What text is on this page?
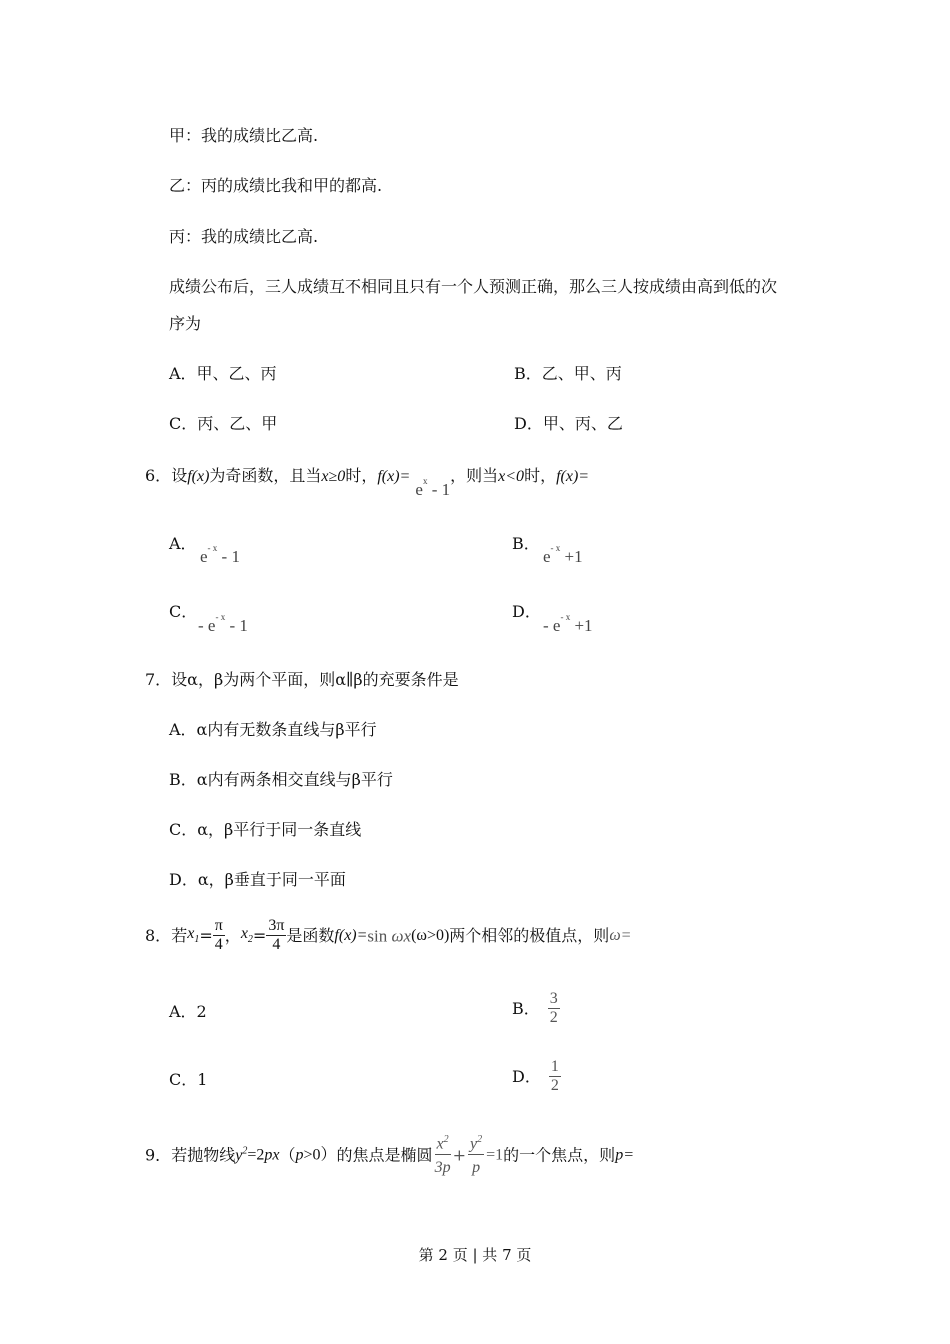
甲：我的成绩比乙高.
乙：丙的成绩比我和甲的都高.
丙：我的成绩比乙高.
成绩公布后，三人成绩互不相同且只有一个人预测正确，那么三人按成绩由高到低的次
序为
A．甲、乙、丙	B．乙、甲、丙
C．丙、乙、甲	D．甲、丙、乙
6．设f(x)为奇函数，且当x≥0时，$f(x)= e^x - 1$，则当x<0时，f(x)=
A．
$e^{- x} - 1$
B．
$e^{- x} +1$
C．
- $e^{- x} - 1$
D．
- $e^{- x} +1$
7．设α，β为两个平面，则α∥β的充要条件是
A．α内有无数条直线与β平行
B．α内有两条相交直线与β平行
C．α，β平行于同一条直线
D．α，β垂直于同一平面
8．若$x_1= \frac{\pi}{4}$ ，$x_2= \frac{3\pi}{4}$ 是函数f(x)=sin ωx(ω>0)两个相邻的极值点，则ω=
A．2	B． $\frac{3}{2}$
C．1	D． $\frac{1}{2}$
9．若抛物线$y^2=2px(p>0)$的焦点是椭圆 $\frac{x^2}{3p} + \frac{y^2}{p} =1$的一个焦点，则p=
第 2 页 | 共 7 页
